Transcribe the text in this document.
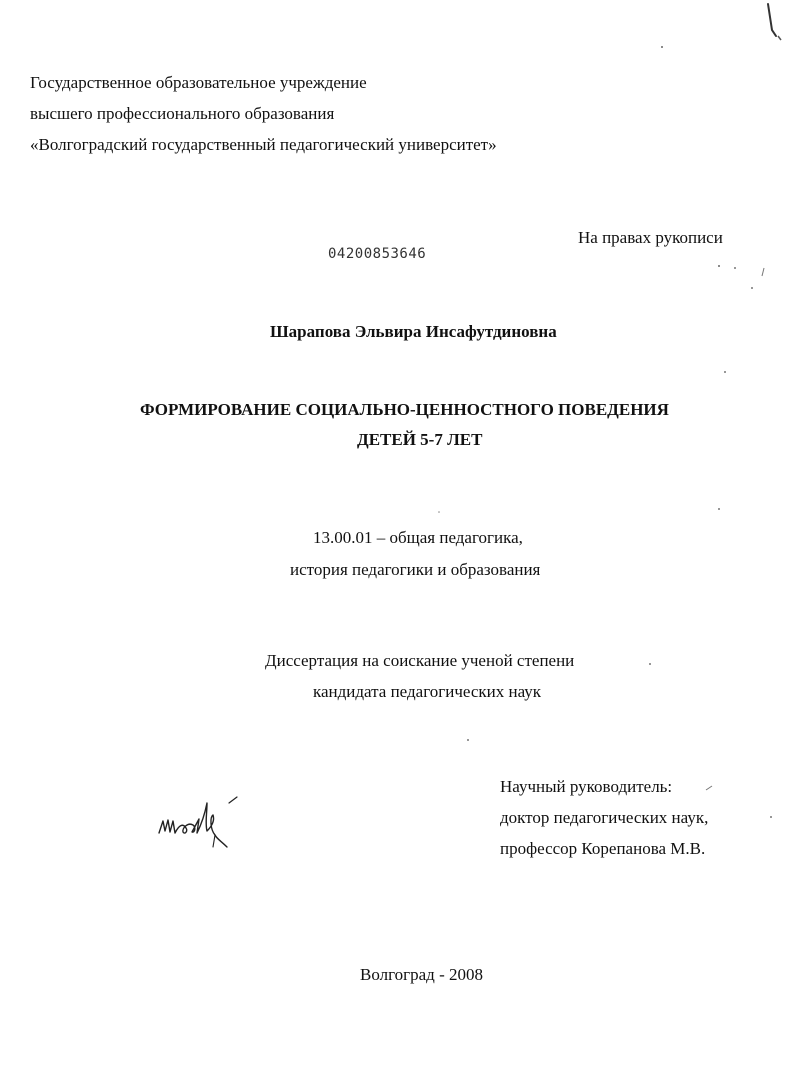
Государственное образовательное учреждение
высшего профессионального образования
«Волгоградский государственный педагогический университет»
На правах рукописи
04200853646
Шарапова Эльвира Инсафутдиновна
ФОРМИРОВАНИЕ СОЦИАЛЬНО-ЦЕННОСТНОГО ПОВЕДЕНИЯ
ДЕТЕЙ 5-7 ЛЕТ
13.00.01 – общая педагогика,
история педагогики и образования
Диссертация на соискание ученой степени
кандидата педагогических наук
Научный руководитель:
доктор педагогических наук,
профессор Корепанова М.В.
Волгоград - 2008
